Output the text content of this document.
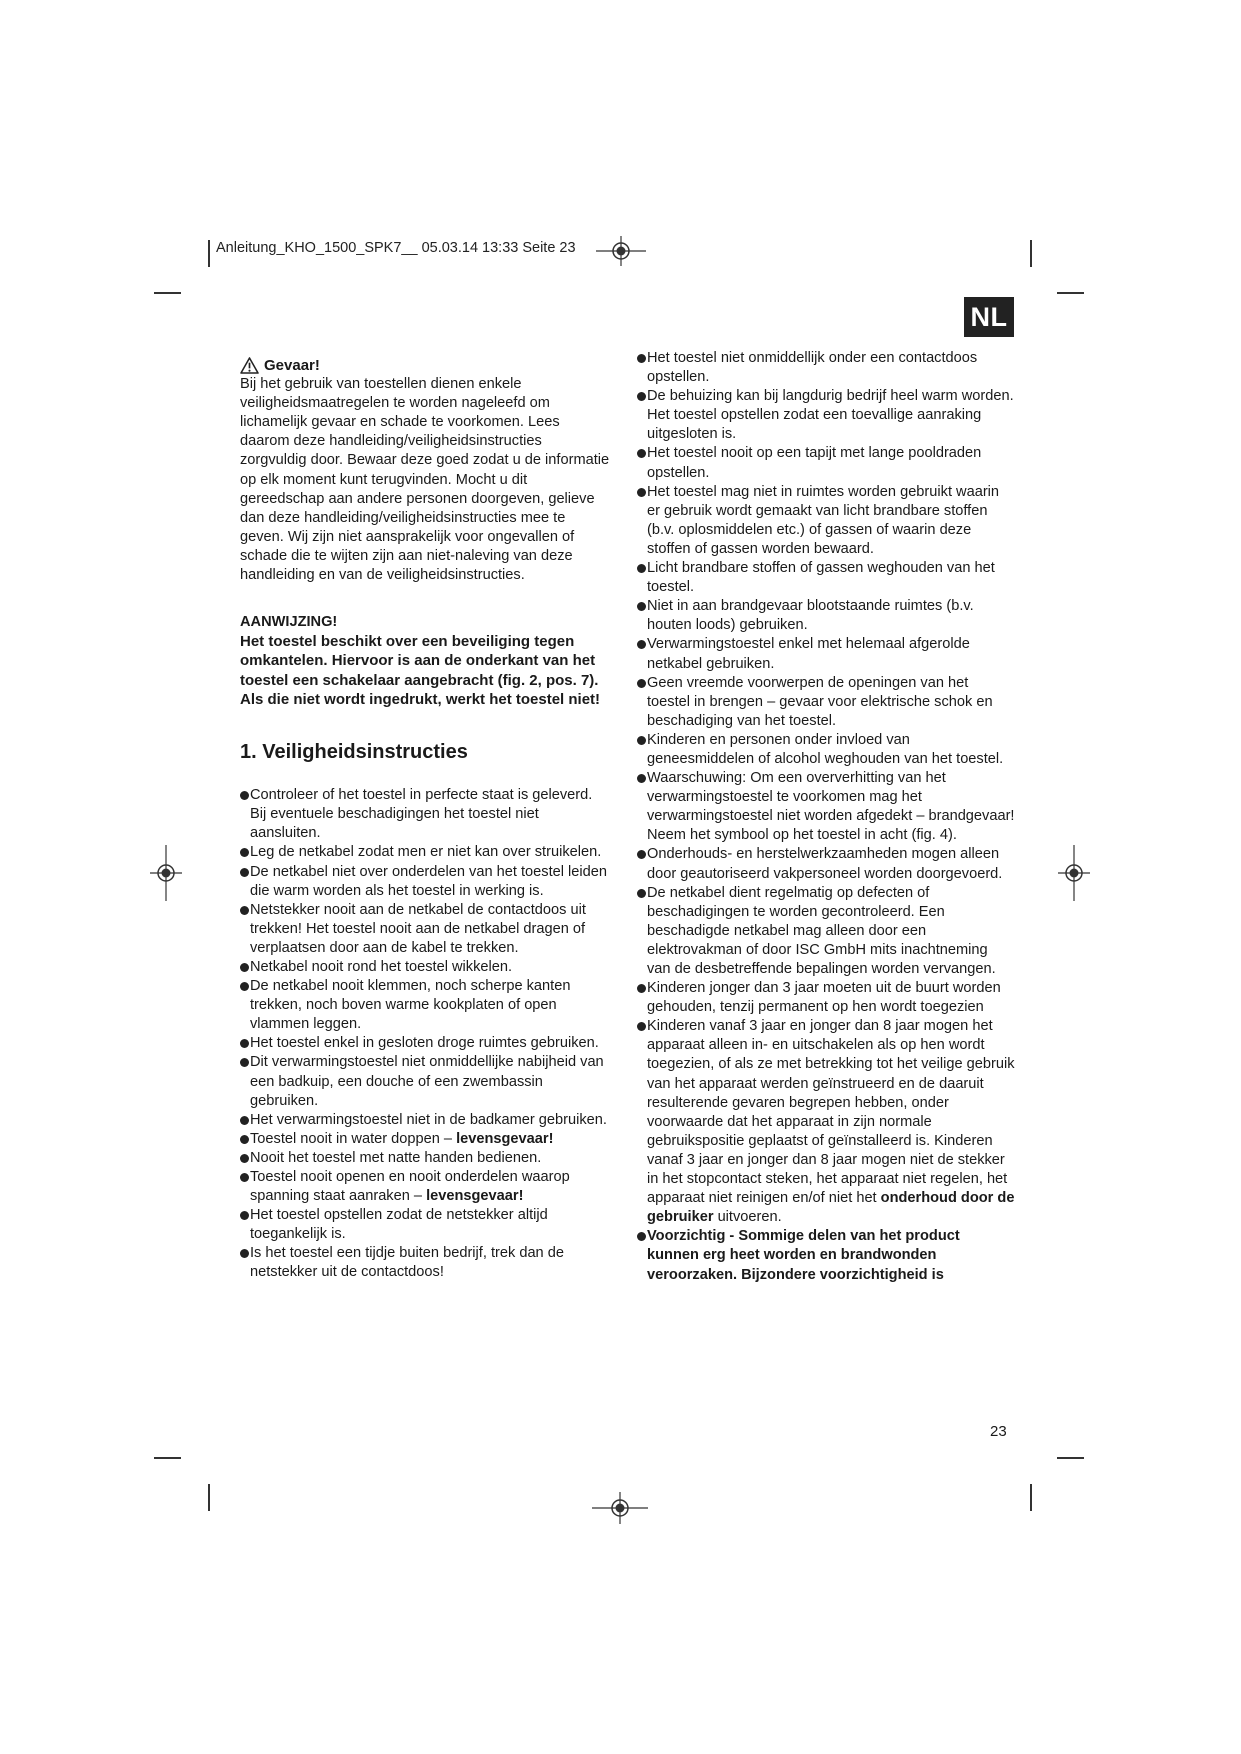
Anleitung_KHO_1500_SPK7__ 05.03.14 13:33 Seite 23
NL
Gevaar!

Bij het gebruik van toestellen dienen enkele veiligheidsmaatregelen te worden nageleefd om lichamelijk gevaar en schade te voorkomen. Lees daarom deze handleiding/veiligheidsinstructies zorgvuldig door. Bewaar deze goed zodat u de informatie op elk moment kunt terugvinden. Mocht u dit gereedschap aan andere personen doorgeven, gelieve dan deze handleiding/veiligheidsinstructies mee te geven. Wij zijn niet aansprakelijk voor ongevallen of schade die te wijten zijn aan niet-naleving van deze handleiding en van de veiligheidsinstructies.

AANWIJZING!

Het toestel beschikt over een beveiliging tegen omkantelen. Hiervoor is aan de onderkant van het toestel een schakelaar aangebracht (fig. 2, pos. 7). Als die niet wordt ingedrukt, werkt het toestel niet!

1. Veiligheidsinstructies
Controleer of het toestel in perfecte staat is geleverd. Bij eventuele beschadigingen het toestel niet aansluiten.
Leg de netkabel zodat men er niet kan over struikelen.
De netkabel niet over onderdelen van het toestel leiden die warm worden als het toestel in werking is.
Netstekker nooit aan de netkabel de contactdoos uit trekken! Het toestel nooit aan de netkabel dragen of verplaatsen door aan de kabel te trekken.
Netkabel nooit rond het toestel wikkelen.
De netkabel nooit klemmen, noch scherpe kanten trekken, noch boven warme kookplaten of open vlammen leggen.
Het toestel enkel in gesloten droge ruimtes gebruiken.
Dit verwarmingstoestel niet onmiddellijke nabijheid van een badkuip, een douche of een zwembassin gebruiken.
Het verwarmingstoestel niet in de badkamer gebruiken.
Toestel nooit in water doppen – levensgevaar!
Nooit het toestel met natte handen bedienen.
Toestel nooit openen en nooit onderdelen waarop spanning staat aanraken – levensgevaar!
Het toestel opstellen zodat de netstekker altijd toegankelijk is.
Is het toestel een tijdje buiten bedrijf, trek dan de netstekker uit de contactdoos!
Het toestel niet onmiddellijk onder een contactdoos opstellen.
De behuizing kan bij langdurig bedrijf heel warm worden. Het toestel opstellen zodat een toevallige aanraking uitgesloten is.
Het toestel nooit op een tapijt met lange pooldraden opstellen.
Het toestel mag niet in ruimtes worden gebruikt waarin er gebruik wordt gemaakt van licht brandbare stoffen (b.v. oplosmiddelen etc.) of gassen of waarin deze stoffen of gassen worden bewaard.
Licht brandbare stoffen of gassen weghouden van het toestel.
Niet in aan brandgevaar blootstaande ruimtes (b.v. houten loods) gebruiken.
Verwarmingstoestel enkel met helemaal afgerolde netkabel gebruiken.
Geen vreemde voorwerpen de openingen van het toestel in brengen – gevaar voor elektrische schok en beschadiging van het toestel.
Kinderen en personen onder invloed van geneesmiddelen of alcohol weghouden van het toestel.
Waarschuwing: Om een oververhitting van het verwarmingstoestel te voorkomen mag het verwarmingstoestel niet worden afgedekt – brandgevaar! Neem het symbool op het toestel in acht (fig. 4).
Onderhouds- en herstelwerkzaamheden mogen alleen door geautoriseerd vakpersoneel worden doorgevoerd.
De netkabel dient regelmatig op defecten of beschadigingen te worden gecontroleerd. Een beschadigde netkabel mag alleen door een elektrovakman of door ISC GmbH mits inachtneming van de desbetreffende bepalingen worden vervangen.
Kinderen jonger dan 3 jaar moeten uit de buurt worden gehouden, tenzij permanent op hen wordt toegezien
Kinderen vanaf 3 jaar en jonger dan 8 jaar mogen het apparaat alleen in- en uitschakelen als op hen wordt toegezien, of als ze met betrekking tot het veilige gebruik van het apparaat werden geïnstrueerd en de daaruit resulterende gevaren begrepen hebben, onder voorwaarde dat het apparaat in zijn normale gebruikspositie geplaatst of geïnstalleerd is. Kinderen vanaf 3 jaar en jonger dan 8 jaar mogen niet de stekker in het stopcontact steken, het apparaat niet regelen, het apparaat niet reinigen en/of niet het onderhoud door de gebruiker uitvoeren.
Voorzichtig - Sommige delen van het product kunnen erg heet worden en brandwonden veroorzaken. Bijzondere voorzichtigheid is
23
